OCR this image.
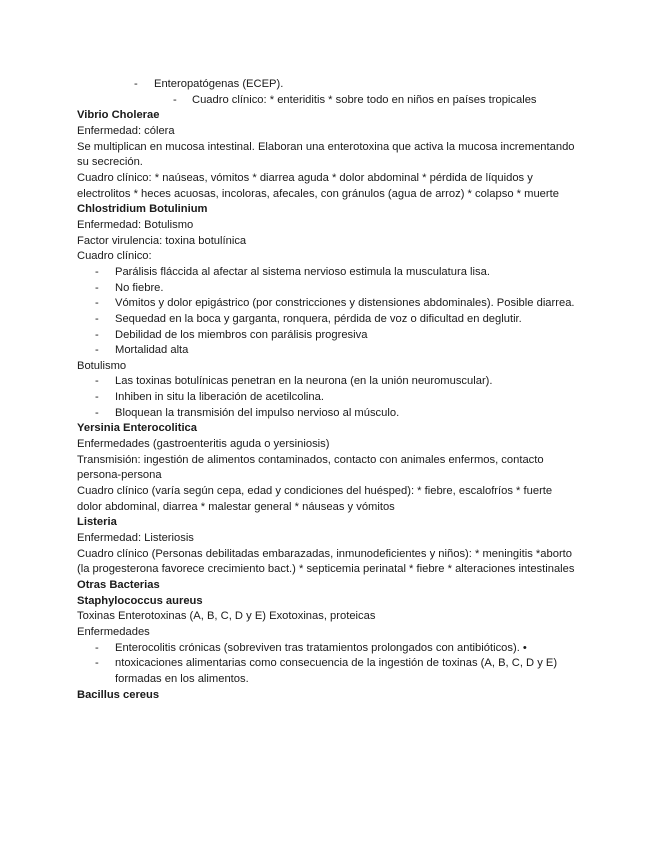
- Enteropatógenas (ECEP).
- Cuadro clínico: * enteriditis * sobre todo en niños en países tropicales

Vibrio Cholerae

Enfermedad: cólera

Se multiplican en mucosa intestinal. Elaboran una enterotoxina que activa la mucosa incrementando su secreción.

Cuadro clínico: * naúseas, vómitos * diarrea aguda * dolor abdominal * pérdida de líquidos y electrolitos * heces acuosas, incoloras, afecales, con gránulos (agua de arroz) * colapso * muerte

Chlostridium Botulinium

Enfermedad: Botulismo

Factor virulencia: toxina botulínica

Cuadro clínico:

- Parálisis fláccida al afectar al sistema nervioso estimula la musculatura lisa.
- No fiebre.
- Vómitos y dolor epigástrico (por constricciones y distensiones abdominales). Posible diarrea.
- Sequedad en la boca y garganta, ronquera, pérdida de voz o dificultad en deglutir.
- Debilidad de los miembros con parálisis progresiva
- Mortalidad alta

Botulismo

- Las toxinas botulínicas penetran en la neurona (en la unión neuromuscular).
- Inhiben in situ la liberación de acetilcolina.
- Bloquean la transmisión del impulso nervioso al músculo.

Yersinia Enterocolitica

Enfermedades (gastroenteritis aguda o yersiniosis)

Transmisión: ingestión de alimentos contaminados, contacto con animales enfermos, contacto persona-persona

Cuadro clínico (varía según cepa, edad y condiciones del huésped): * fiebre, escalofríos * fuerte dolor abdominal, diarrea * malestar general * náuseas y vómitos

Listeria

Enfermedad: Listeriosis

Cuadro clínico (Personas debilitadas embarazadas, inmunodeficientes y niños): * meningitis *aborto (la progesterona favorece crecimiento bact.) * septicemia perinatal * fiebre * alteraciones intestinales

Otras Bacterias

Staphylococcus aureus

Toxinas Enterotoxinas (A, B, C, D y E) Exotoxinas, proteicas

Enfermedades

- Enterocolitis crónicas (sobreviven tras tratamientos prolongados con antibióticos). •
- ntoxicaciones alimentarias como consecuencia de la ingestión de toxinas (A, B, C, D y E) formadas en los alimentos.

Bacillus cereus
